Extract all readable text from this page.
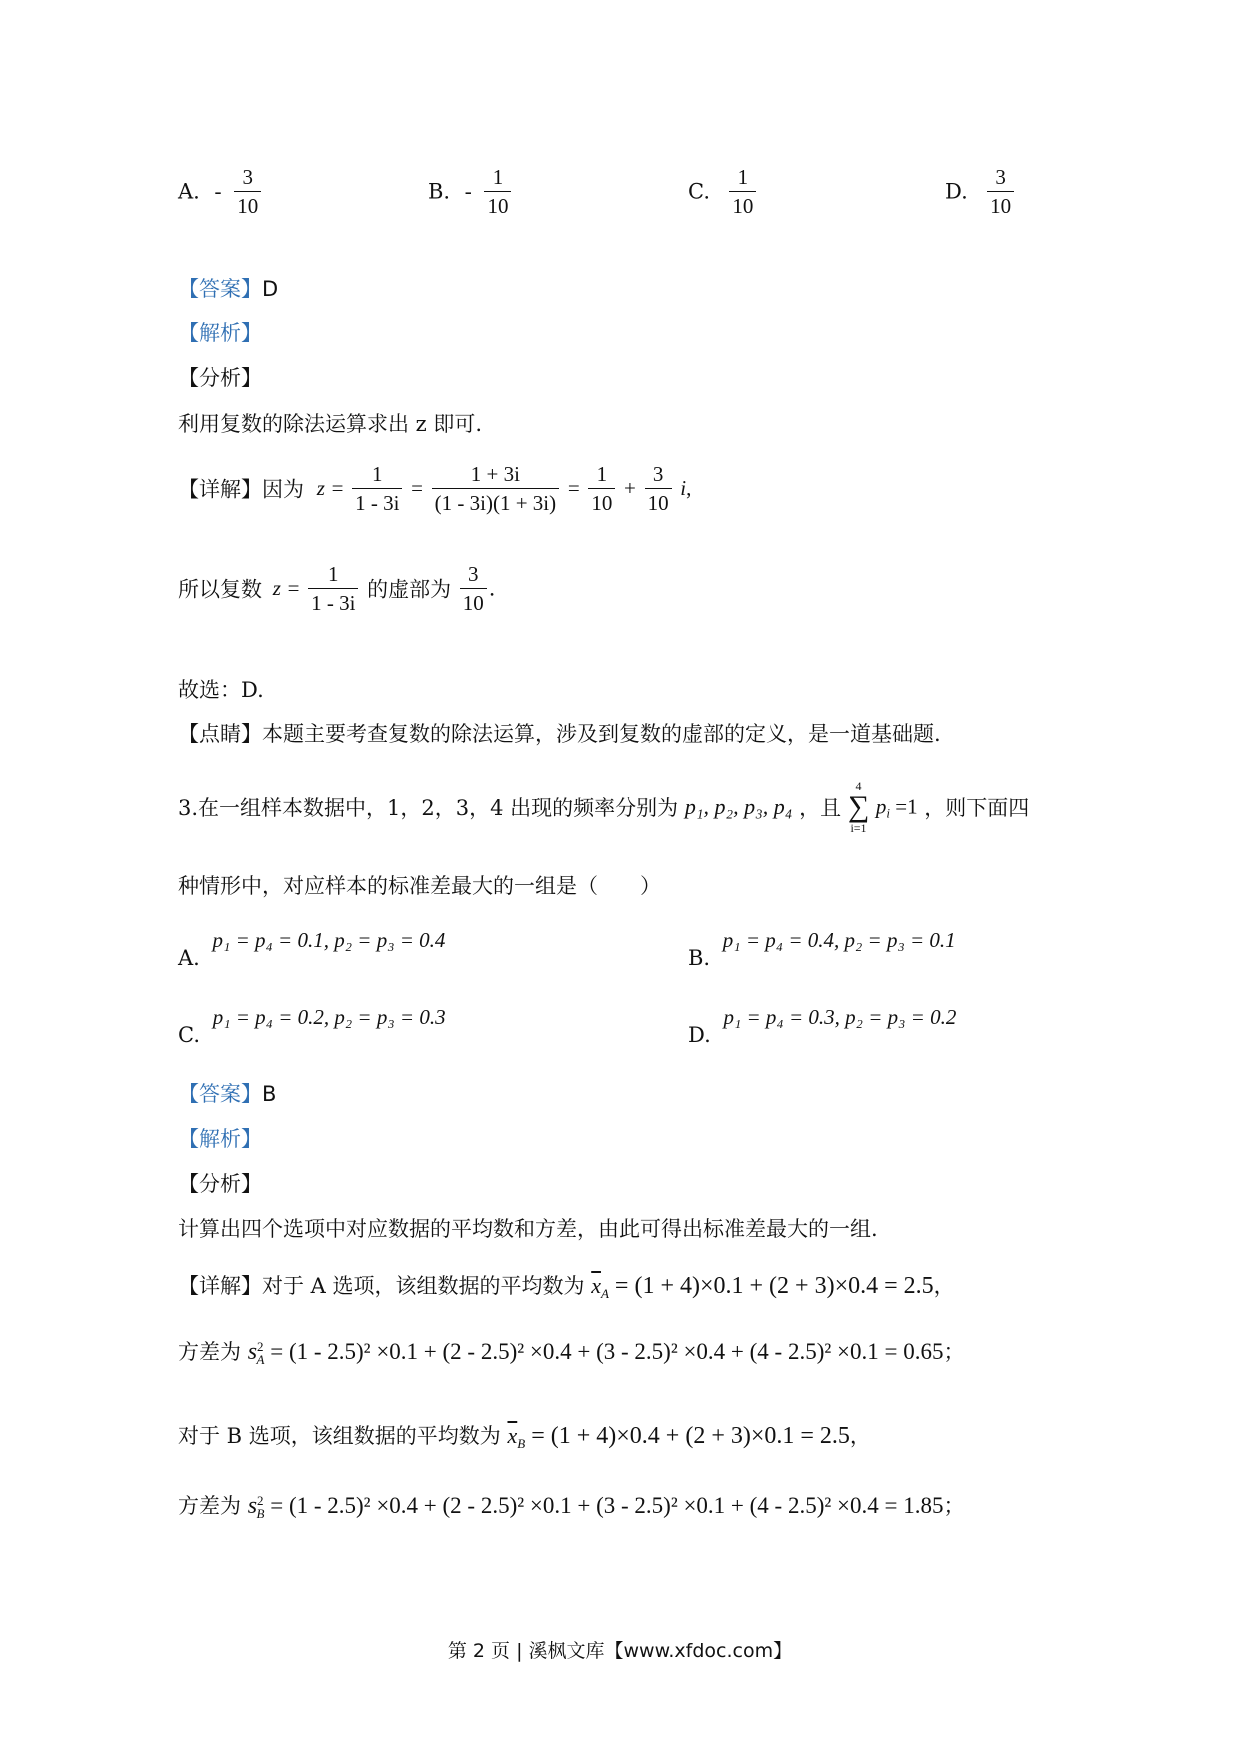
A. - $\frac{3}{10}$	B. - $\frac{1}{10}$	C. $\frac{1}{10}$	D. $\frac{3}{10}$
【答案】D
【解析】
【分析】
利用复数的除法运算求出 z 即可.
【详解】因为 $z = \frac{1}{1 - 3i} = \frac{1 + 3i}{(1 - 3i)(1 + 3i)} = \frac{1}{10} + \frac{3}{10} i$,
所以复数 $z = \frac{1}{1 - 3i}$ 的虚部为 $\frac{3}{10}$ .
故选：D.
【点睛】本题主要考查复数的除法运算，涉及到复数的虚部的定义，是一道基础题.
3.在一组样本数据中，1，2，3，4 出现的频率分别为 p₁, p₂, p₃, p₄ ，且
4
∑
i=1
$p_i =1$ ，则下面四
种情形中，对应样本的标准差最大的一组是（　　）
A. p₁ = p₄ = 0.1, p₂ = p₃ = 0.4
B. p₁ = p₄ = 0.4, p₂ = p₃ = 0.1
C. p₁ = p₄ = 0.2, p₂ = p₃ = 0.3
D. p₁ = p₄ = 0.3, p₂ = p₃ = 0.2
【答案】B
【解析】
【分析】
计算出四个选项中对应数据的平均数和方差，由此可得出标准差最大的一组.
【详解】对于 A 选项，该组数据的平均数为 $\overline{x}_A = (1 + 4)\times 0.1 + (2 + 3)\times 0.4 = 2.5$，
方差为 $s^2_A = (1 - 2.5)^2 \times 0.1 + (2 - 2.5)^2 \times 0.4 + (3 - 2.5)^2 \times 0.4 + (4 - 2.5)^2 \times 0.1 = 0.65$；
对于 B 选项，该组数据的平均数为 $\overline{x}_B = (1 + 4)\times 0.4 + (2 + 3)\times 0.1 = 2.5$，
方差为 $s^2_B = (1 - 2.5)^2 \times 0.4 + (2 - 2.5)^2 \times 0.1 + (3 - 2.5)^2 \times 0.1 + (4 - 2.5)^2 \times 0.4 = 1.85$；
第 2 页 | 溪枫文库【www.xfdoc.com】
